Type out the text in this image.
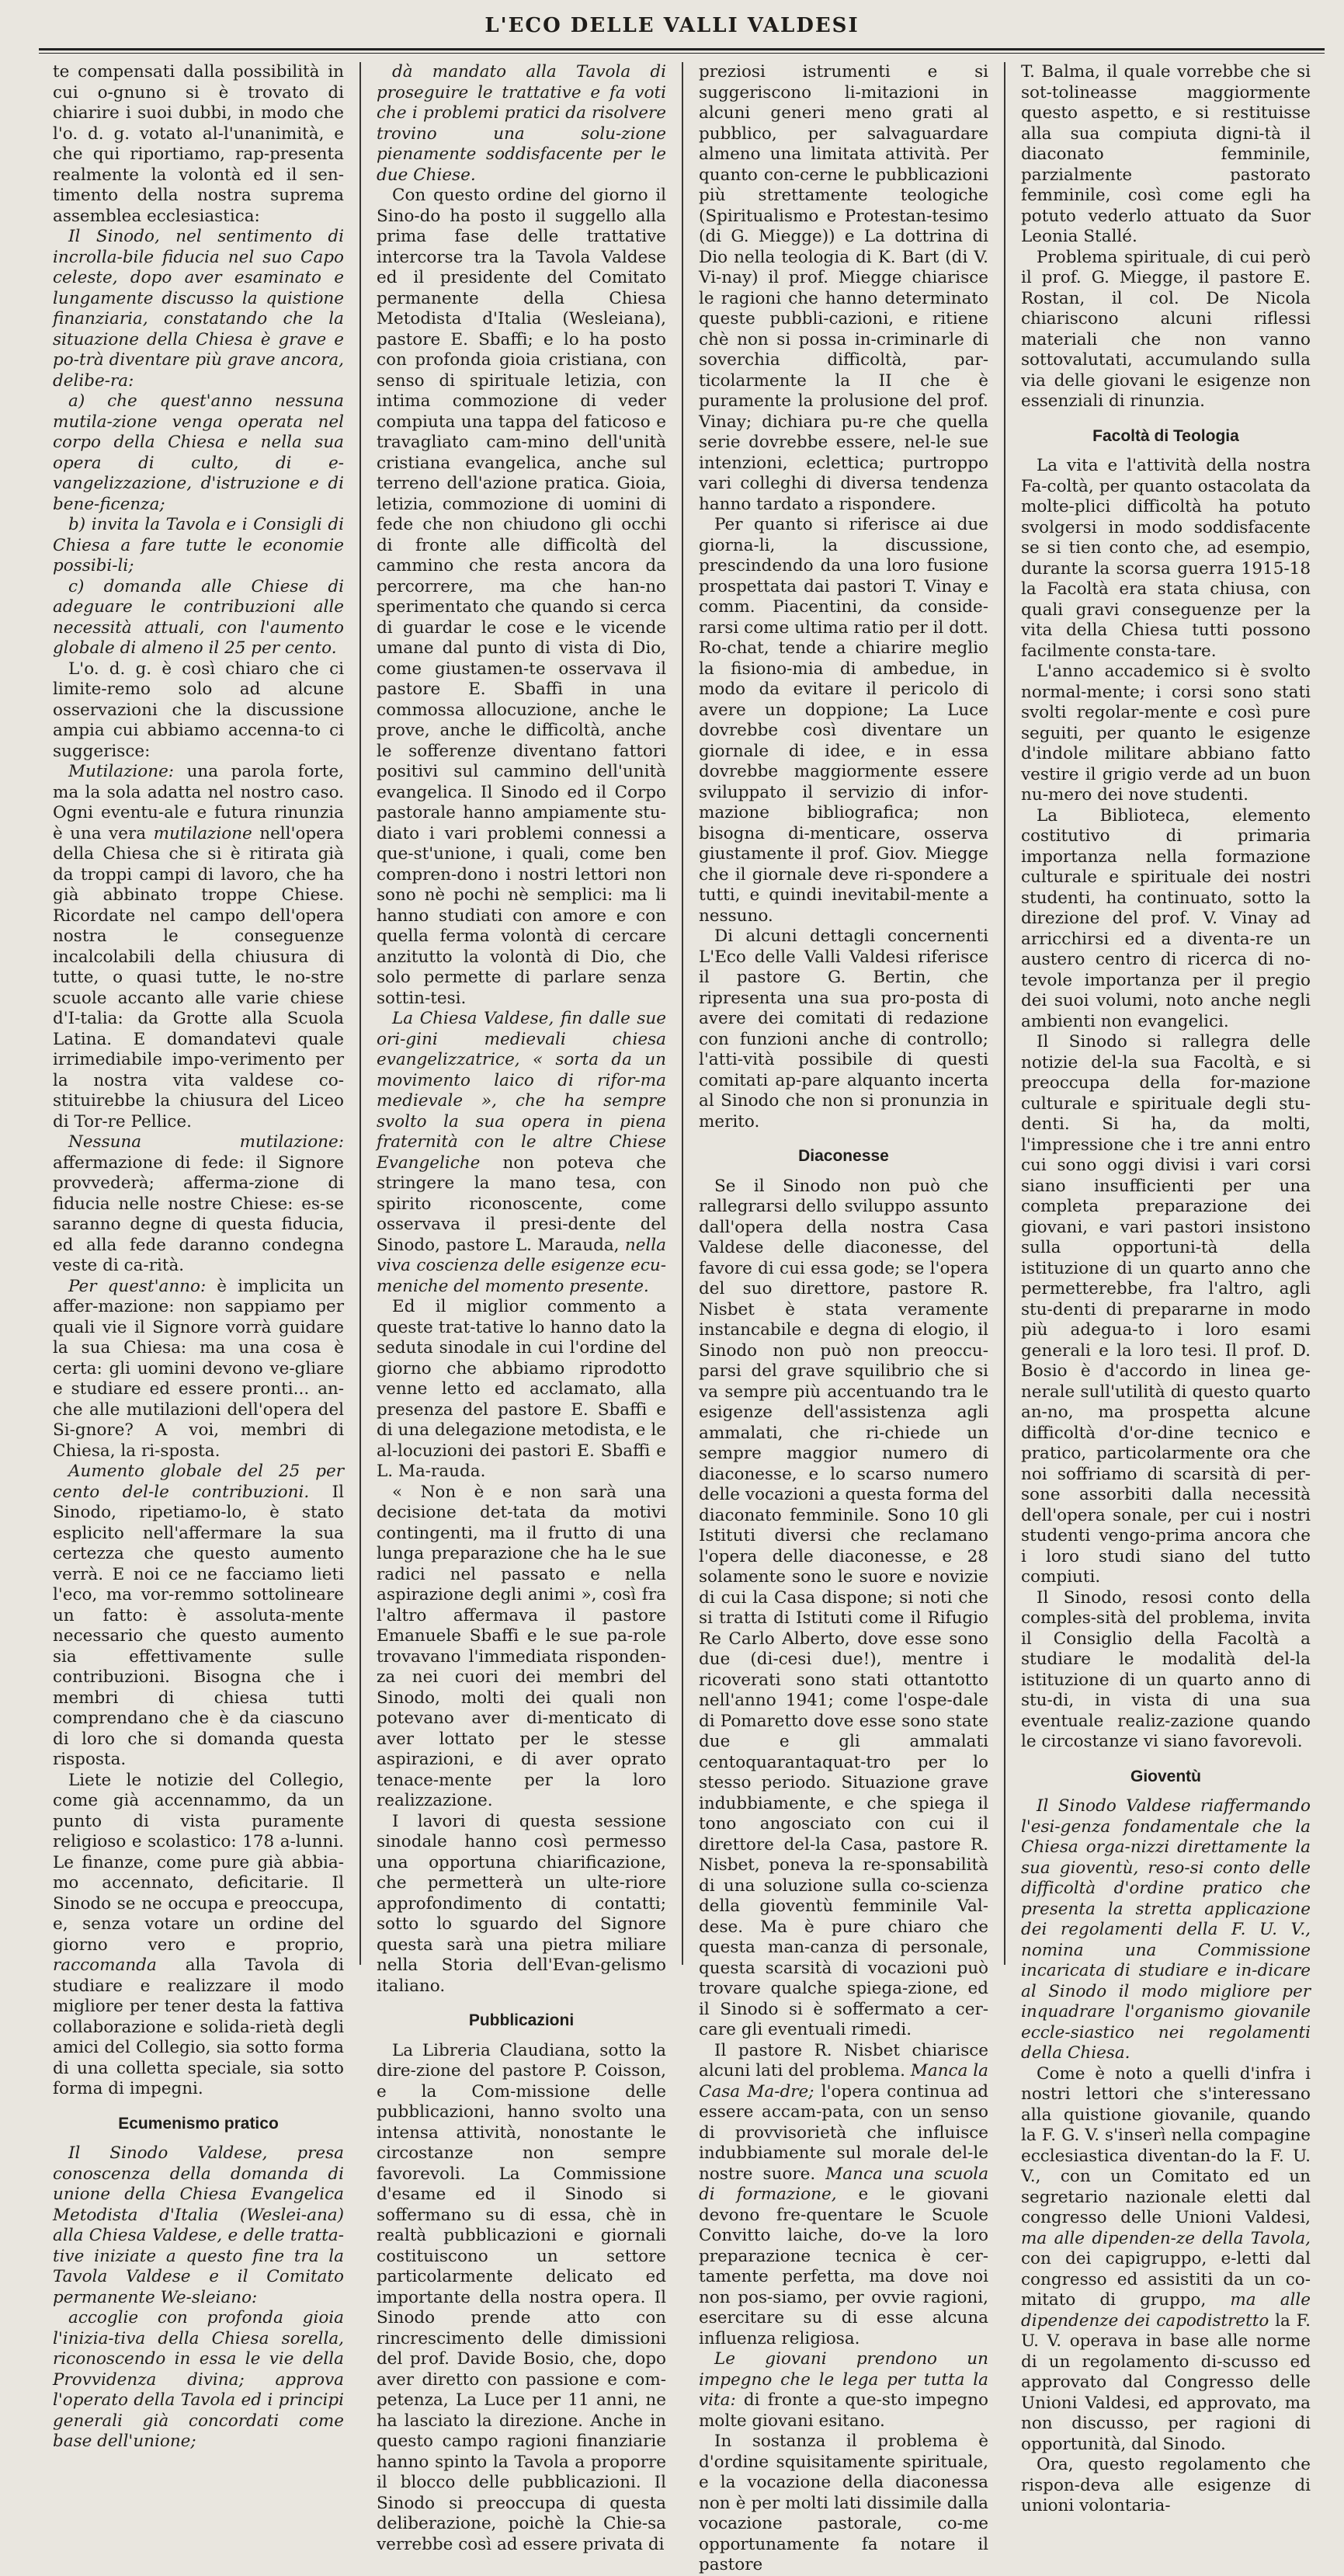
L'ECO DELLE VALLI VALDESI

te compensati dalla possibilità in cui o-gnuno si è trovato di chiarire i suoi dubbi, in modo che l'o. d. g. votato al-l'unanimità, e che qui riportiamo, rap-presenta realmente la volontà ed il sen-timento della nostra suprema assemblea ecclesiastica:

Il Sinodo, nel sentimento di incrolla-bile fiducia nel suo Capo celeste, dopo aver esaminato e lungamente discusso la quistione finanziaria, constatando che la situazione della Chiesa è grave e po-trà diventare più grave ancora, delibe-ra:

a) che quest'anno nessuna mutila-zione venga operata nel corpo della Chiesa e nella sua opera di culto, di e-vangelizzazione, d'istruzione e di bene-ficenza;

b) invita la Tavola e i Consigli di Chiesa a fare tutte le economie possibi-li;

c) domanda alle Chiese di adeguare le contribuzioni alle necessità attuali, con l'aumento globale di almeno il 25 per cento.

L'o. d. g. è così chiaro che ci limite-remo solo ad alcune osservazioni che la discussione ampia cui abbiamo accenna-to ci suggerisce:

Mutilazione: una parola forte, ma la sola adatta nel nostro caso. Ogni eventu-ale e futura rinunzia è una vera mutilazione nell'opera della Chiesa che si è ritirata già da troppi campi di lavoro, che ha già abbinato troppe Chiese. Ricordate nel campo dell'opera nostra le conseguenze incalcolabili della chiusura di tutte, o quasi tutte, le no-stre scuole accanto alle varie chiese d'I-talia: da Grotte alla Scuola Latina. E domandatevi quale irrimediabile impo-verimento per la nostra vita valdese co-stituirebbe la chiusura del Liceo di Tor-re Pellice.

Nessuna mutilazione: affermazione di fede: il Signore provvederà; afferma-zione di fiducia nelle nostre Chiese: es-se saranno degne di questa fiducia, ed alla fede daranno condegna veste di ca-rità.

Per quest'anno: è implicita un affer-mazione: non sappiamo per quali vie il Signore vorrà guidare la sua Chiesa: ma una cosa è certa: gli uomini devono ve-gliare e studiare ed essere pronti... an-che alle mutilazioni dell'opera del Si-gnore? A voi, membri di Chiesa, la ri-sposta.

Aumento globale del 25 per cento del-le contribuzioni. Il Sinodo, ripetiamo-lo, è stato esplicito nell'affermare la sua certezza che questo aumento verrà. E noi ce ne facciamo lieti l'eco, ma vor-remmo sottolineare un fatto: è assoluta-mente necessario che questo aumento sia effettivamente sulle contribuzioni. Bisogna che i membri di chiesa tutti comprendano che è da ciascuno di loro che si domanda questa risposta.

Liete le notizie del Collegio, come già accennammo, da un punto di vista puramente religioso e scolastico: 178 a-lunni. Le finanze, come pure già abbia-mo accennato, deficitarie. Il Sinodo se ne occupa e preoccupa, e, senza votare un ordine del giorno vero e proprio, raccomanda alla Tavola di studiare e realizzare il modo migliore per tener desta la fattiva collaborazione e solida-rietà degli amici del Collegio, sia sotto forma di una colletta speciale, sia sotto forma di impegni.

Ecumenismo pratico

Il Sinodo Valdese, presa conoscenza della domanda di unione della Chiesa Evangelica Metodista d'Italia (Weslei-ana) alla Chiesa Valdese, e delle tratta-tive iniziate a questo fine tra la Tavola Valdese e il Comitato permanente We-sleiano:

accoglie con profonda gioia l'inizia-tiva della Chiesa sorella, riconoscendo in essa le vie della Provvidenza divina; approva l'operato della Tavola ed i principi generali già concordati come base dell'unione;

dà mandato alla Tavola di proseguire le trattative e fa voti che i problemi pratici da risolvere trovino una solu-zione pienamente soddisfacente per le due Chiese.

Con questo ordine del giorno il Sino-do ha posto il suggello alla prima fase delle trattative intercorse tra la Tavola Valdese ed il presidente del Comitato permanente della Chiesa Metodista d'Italia (Wesleiana), pastore E. Sbaffi; e lo ha posto con profonda gioia cristiana, con senso di spirituale letizia, con intima commozione di veder compiuta una tappa del faticoso e travagliato cam-mino dell'unità cristiana evangelica, anche sul terreno dell'azione pratica. Gioia, letizia, commozione di uomini di fede che non chiudono gli occhi di fronte alle difficoltà del cammino che resta ancora da percorrere, ma che han-no sperimentato che quando si cerca di guardar le cose e le vicende umane dal punto di vista di Dio, come giustamen-te osservava il pastore E. Sbaffi in una commossa allocuzione, anche le prove, anche le difficoltà, anche le sofferenze diventano fattori positivi sul cammino dell'unità evangelica. Il Sinodo ed il Corpo pastorale hanno ampiamente stu-diato i vari problemi connessi a que-st'unione, i quali, come ben compren-dono i nostri lettori non sono nè pochi nè semplici: ma li hanno studiati con amore e con quella ferma volontà di cercare anzitutto la volontà di Dio, che solo permette di parlare senza sottin-tesi.

La Chiesa Valdese, fin dalle sue ori-gini medievali chiesa evangelizzatrice, « sorta da un movimento laico di rifor-ma medievale », che ha sempre svolto la sua opera in piena fraternità con le altre Chiese Evangeliche non poteva che stringere la mano tesa, con spirito riconoscente, come osservava il presi-dente del Sinodo, pastore L. Marauda, nella viva coscienza delle esigenze ecu-meniche del momento presente.

Ed il miglior commento a queste trat-tative lo hanno dato la seduta sinodale in cui l'ordine del giorno che abbiamo riprodotto venne letto ed acclamato, alla presenza del pastore E. Sbaffi e di una delegazione metodista, e le al-locuzioni dei pastori E. Sbaffi e L. Ma-rauda.

« Non è e non sarà una decisione det-tata da motivi contingenti, ma il frutto di una lunga preparazione che ha le sue radici nel passato e nella aspirazione degli animi », così fra l'altro affermava il pastore Emanuele Sbaffi e le sue pa-role trovavano l'immediata risponden-za nei cuori dei membri del Sinodo, molti dei quali non potevano aver di-menticato di aver lottato per le stesse aspirazioni, e di aver oprato tenace-mente per la loro realizzazione.

I lavori di questa sessione sinodale hanno così permesso una opportuna chiarificazione, che permetterà un ulte-riore approfondimento di contatti; sotto lo sguardo del Signore questa sarà una pietra miliare nella Storia dell'Evan-gelismo italiano.

Pubblicazioni

La Libreria Claudiana, sotto la dire-zione del pastore P. Coisson, e la Com-missione delle pubblicazioni, hanno svolto una intensa attività, nonostante le circostanze non sempre favorevoli. La Commissione d'esame ed il Sinodo si soffermano su di essa, chè in realtà pubblicazioni e giornali costituiscono un settore particolarmente delicato ed importante della nostra opera. Il Sinodo prende atto con rincrescimento delle dimissioni del prof. Davide Bosio, che, dopo aver diretto con passione e com-petenza, La Luce per 11 anni, ne ha lasciato la direzione. Anche in questo campo ragioni finanziarie hanno spinto la Tavola a proporre il blocco delle pubblicazioni. Il Sinodo si preoccupa di questa deliberazione, poichè la Chie-sa verrebbe così ad essere privata di

preziosi istrumenti e si suggeriscono li-mitazioni in alcuni generi meno grati al pubblico, per salvaguardare almeno una limitata attività. Per quanto con-cerne le pubblicazioni più strettamente teologiche (Spiritualismo e Protestan-tesimo (di G. Miegge)) e La dottrina di Dio nella teologia di K. Bart (di V. Vi-nay) il prof. Miegge chiarisce le ragioni che hanno determinato queste pubbli-cazioni, e ritiene chè non si possa in-criminarle di soverchia difficoltà, par-ticolarmente la II che è puramente la prolusione del prof. Vinay; dichiara pu-re che quella serie dovrebbe essere, nel-le sue intenzioni, eclettica; purtroppo vari colleghi di diversa tendenza hanno tardato a rispondere.

Per quanto si riferisce ai due giorna-li, la discussione, prescindendo da una loro fusione prospettata dai pastori T. Vinay e comm. Piacentini, da conside-rarsi come ultima ratio per il dott. Ro-chat, tende a chiarire meglio la fisiono-mia di ambedue, in modo da evitare il pericolo di avere un doppione; La Luce dovrebbe così diventare un giornale di idee, e in essa dovrebbe maggiormente essere sviluppato il servizio di infor-mazione bibliografica; non bisogna di-menticare, osserva giustamente il prof. Giov. Miegge che il giornale deve ri-spondere a tutti, e quindi inevitabil-mente a nessuno.

Di alcuni dettagli concernenti L'Eco delle Valli Valdesi riferisce il pastore G. Bertin, che ripresenta una sua pro-posta di avere dei comitati di redazione con funzioni anche di controllo; l'atti-vità possibile di questi comitati ap-pare alquanto incerta al Sinodo che non si pronunzia in merito.

Diaconesse

Se il Sinodo non può che rallegrarsi dello sviluppo assunto dall'opera della nostra Casa Valdese delle diaconesse, del favore di cui essa gode; se l'opera del suo direttore, pastore R. Nisbet è stata veramente instancabile e degna di elogio, il Sinodo non può non preoccu-parsi del grave squilibrio che si va sempre più accentuando tra le esigenze dell'assistenza agli ammalati, che ri-chiede un sempre maggior numero di diaconesse, e lo scarso numero delle vocazioni a questa forma del diaconato femminile. Sono 10 gli Istituti diversi che reclamano l'opera delle diaconesse, e 28 solamente sono le suore e novizie di cui la Casa dispone; si noti che si tratta di Istituti come il Rifugio Re Carlo Alberto, dove esse sono due (di-cesi due!), mentre i ricoverati sono stati ottantotto nell'anno 1941; come l'ospe-dale di Pomaretto dove esse sono state due e gli ammalati centoquarantaquat-tro per lo stesso periodo. Situazione grave indubbiamente, e che spiega il tono angosciato con cui il direttore del-la Casa, pastore R. Nisbet, poneva la re-sponsabilità di una soluzione sulla co-scienza della gioventù femminile Val-dese. Ma è pure chiaro che questa man-canza di personale, questa scarsità di vocazioni può trovare qualche spiega-zione, ed il Sinodo si è soffermato a cer-care gli eventuali rimedi.

Il pastore R. Nisbet chiarisce alcuni lati del problema. Manca la Casa Ma-dre; l'opera continua ad essere accam-pata, con un senso di provvisorietà che influisce indubbiamente sul morale del-le nostre suore. Manca una scuola di formazione, e le giovani devono fre-quentare le Scuole Convitto laiche, do-ve la loro preparazione tecnica è cer-tamente perfetta, ma dove noi non pos-siamo, per ovvie ragioni, esercitare su di esse alcuna influenza religiosa.

Le giovani prendono un impegno che le lega per tutta la vita: di fronte a que-sto impegno molte giovani esitano.

In sostanza il problema è d'ordine squisitamente spirituale, e la vocazione della diaconessa non è per molti lati dissimile dalla vocazione pastorale, co-me opportunamente fa notare il pastore

T. Balma, il quale vorrebbe che si sot-tolineasse maggiormente questo aspetto, e si restituisse alla sua compiuta digni-tà il diaconato femminile, parzialmente pastorato femminile, così come egli ha potuto vederlo attuato da Suor Leonia Stallé.

Problema spirituale, di cui però il prof. G. Miegge, il pastore E. Rostan, il col. De Nicola chiariscono alcuni riflessi materiali che non vanno sottovalutati, accumulando sulla via delle giovani le esigenze non essenziali di rinunzia.

Facoltà di Teologia

La vita e l'attività della nostra Fa-coltà, per quanto ostacolata da molte-plici difficoltà ha potuto svolgersi in modo soddisfacente se si tien conto che, ad esempio, durante la scorsa guerra 1915-18 la Facoltà era stata chiusa, con quali gravi conseguenze per la vita della Chiesa tutti possono facilmente consta-tare.

L'anno accademico si è svolto normal-mente; i corsi sono stati svolti regolar-mente e così pure seguiti, per quanto le esigenze d'indole militare abbiano fatto vestire il grigio verde ad un buon nu-mero dei nove studenti.

La Biblioteca, elemento costitutivo di primaria importanza nella formazione culturale e spirituale dei nostri studenti, ha continuato, sotto la direzione del prof. V. Vinay ad arricchirsi ed a diventa-re un austero centro di ricerca di no-tevole importanza per il pregio dei suoi volumi, noto anche negli ambienti non evangelici.

Il Sinodo si rallegra delle notizie del-la sua Facoltà, e si preoccupa della for-mazione culturale e spirituale degli stu-denti. Si ha, da molti, l'impressione che i tre anni entro cui sono oggi divisi i vari corsi siano insufficienti per una completa preparazione dei giovani, e vari pastori insistono sulla opportuni-tà della istituzione di un quarto anno che permetterebbe, fra l'altro, agli stu-denti di prepararne in modo più adegua-to i loro esami generali e la loro tesi. Il prof. D. Bosio è d'accordo in linea ge-nerale sull'utilità di questo quarto an-no, ma prospetta alcune difficoltà d'or-dine tecnico e pratico, particolarmente ora che noi soffriamo di scarsità di per-sone assorbiti dalla necessità dell'opera sonale, per cui i nostri studenti vengo-prima ancora che i loro studi siano del tutto compiuti.

Il Sinodo, resosi conto della comples-sità del problema, invita il Consiglio della Facoltà a studiare le modalità del-la istituzione di un quarto anno di stu-di, in vista di una sua eventuale realiz-zazione quando le circostanze vi siano favorevoli.

Gioventù

Il Sinodo Valdese riaffermando l'esi-genza fondamentale che la Chiesa orga-nizzi direttamente la sua gioventù, reso-si conto delle difficoltà d'ordine pratico che presenta la stretta applicazione dei regolamenti della F. U. V., nomina una Commissione incaricata di studiare e in-dicare al Sinodo il modo migliore per inquadrare l'organismo giovanile eccle-siastico nei regolamenti della Chiesa.

Come è noto a quelli d'infra i nostri lettori che s'interessano alla quistione giovanile, quando la F. G. V. s'inserì nella compagine ecclesiastica diventan-do la F. U. V., con un Comitato ed un segretario nazionale eletti dal congresso delle Unioni Valdesi, ma alle dipenden-ze della Tavola, con dei capigruppo, e-letti dal congresso ed assistiti da un co-mitato di gruppo, ma alle dipendenze dei capodistretto la F. U. V. operava in base alle norme di un regolamento di-scusso ed approvato dal Congresso delle Unioni Valdesi, ed approvato, ma non discusso, per ragioni di opportunità, dal Sinodo.

Ora, questo regolamento che rispon-deva alle esigenze di unioni volontaria-
